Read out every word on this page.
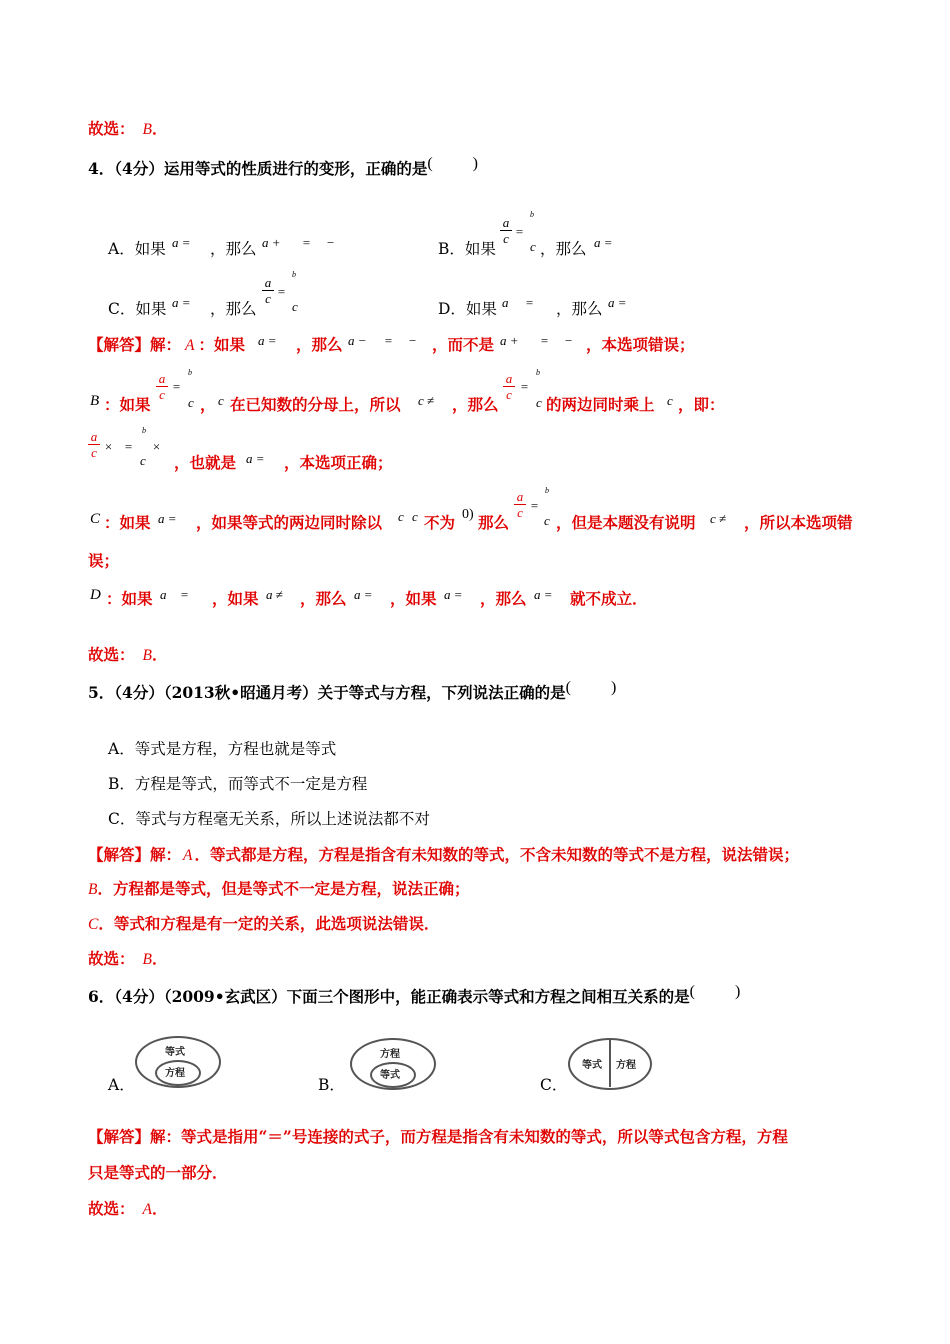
故选： B．
4．（4分）运用等式的性质进行的变形，正确的是(	)
A．如果 a = ，那么 a + = −	B．如果
a
c =
b
c ，那么 a =
C．如果 a = ，那么
a
c =
b
c	D．如果 a = ，那么 a =
【解答】解： A ：如果 a = ，那么 a − = − ，而不是 a + = − ，本选项错误；
B ：如果
a
c
=
b
c ， c 在已知数的分母上，所以 c ≠ ，那么
a
c
=
b
c 的两边同时乘上 c ，即：
a
c × =
b
c
×
，也就是 a = ，本选项正确；
C ：如果 a = ，如果等式的两边同时除以 c c 不为 0) 那么
a
c =
b
c ，但是本题没有说明 c ≠ ，所以本选项错
误；
D ：如果 a = ，如果 a ≠ ，那么 a = ，如果 a = ，那么 a = 就不成立．
故选： B．
5．（4分）（2013秋•昭通月考）关于等式与方程，下列说法正确的是(	)
A．等式是方程，方程也就是等式
B．方程是等式，而等式不一定是方程
C．等式与方程毫无关系，所以上述说法都不对
【解答】解： A ．等式都是方程，方程是指含有未知数的等式，不含未知数的等式不是方程，说法错误；
B．方程都是等式，但是等式不一定是方程，说法正确；
C．等式和方程是有一定的关系，此选项说法错误．
故选： B．
6．（4分）（2009•玄武区）下面三个图形中，能正确表示等式和方程之间相互关系的是(	)
A．
等式
方程
B．
方程
等式
C．
等式 方程
【解答】解：等式是指用“＝”号连接的式子，而方程是指含有未知数的等式，所以等式包含方程，方程
只是等式的一部分．
故选： A．
